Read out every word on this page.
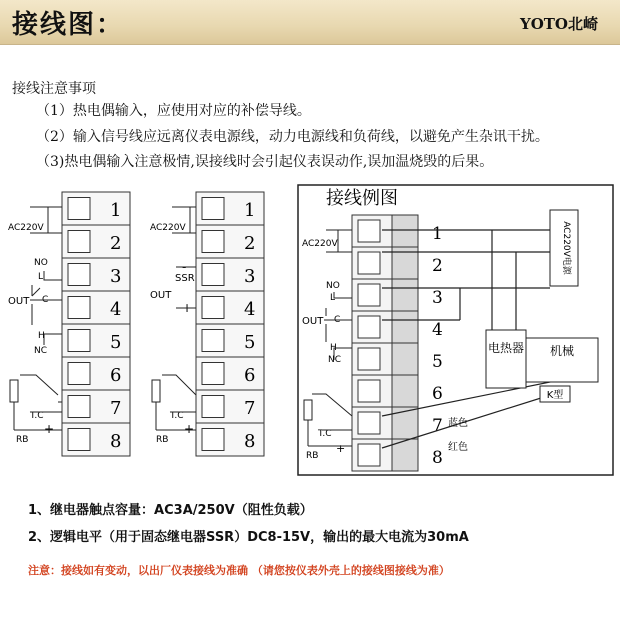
接线图：	YOTO北崎
接线注意事项
（1）热电偶输入，应使用对应的补偿导线。
（2）输入信号线应远离仪表电源线，动力电源线和负荷线，以避免产生杂讯干扰。
（3)热电偶输入注意极情,误接线时会引起仪表误动作,误加温烧毁的后果。
1
2
3
4
5
6
7
8
1
2
3
4
5
6
7
8
1
2
3
4
5
6
7
8
AC220V
NO
L
OUT C
H
NC
T.C
RB
+
AC220V
SSR
OUT
+
-
T.C
RB
+
接线例图
AC220V
NO
L
OUT C
H
NC
T.C
RB
+
AC220V电源
电热器 机械
K型
蓝色
红色
1、继电器触点容量：AC3A/250V（阻性负载）
2、逻辑电平（用于固态继电器SSR）DC8-15V，输出的最大电流为30mA
注意：接线如有变动，以出厂仪表接线为准确 （请您按仪表外壳上的接线图接线为准）
